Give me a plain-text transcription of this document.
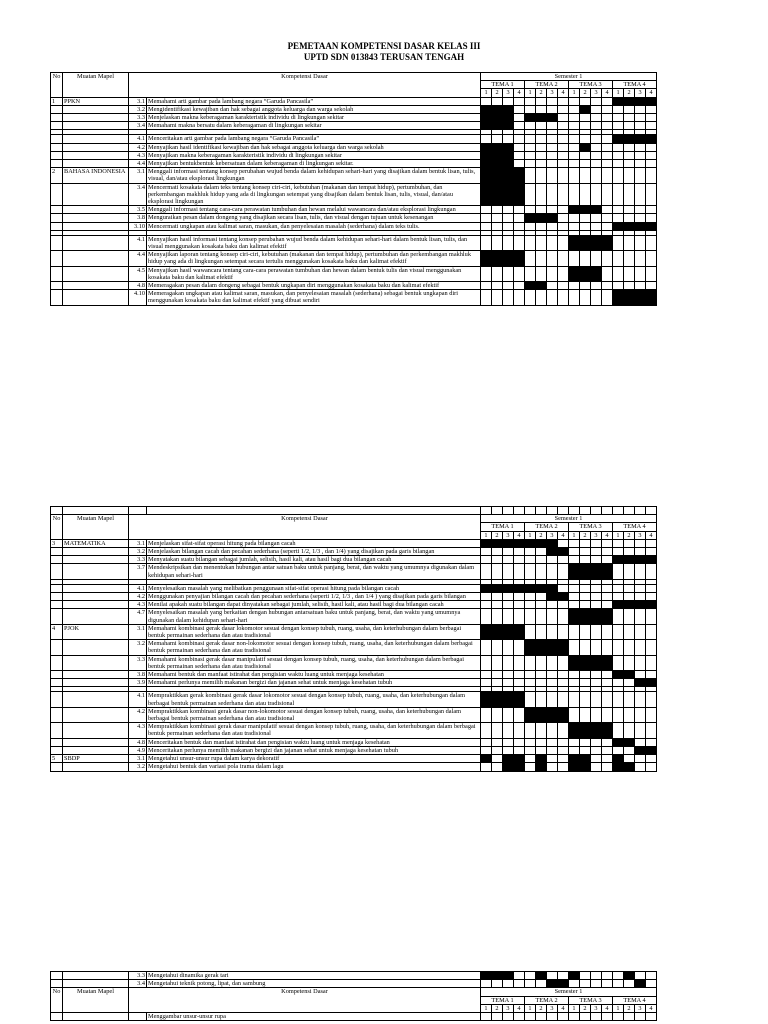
PEMETAAN KOMPETENSI DASAR KELAS III
UPTD SDN 013843 TERUSAN TENGAH
No	Muatan Mapel	Kompetensi Dasar		Semester 1															
				TEMA 1				TEMA 2				TEMA 3				TEMA 4			
				1	2	3	4	1	2	3	4	1	2	3	4	1	2	3	4
1	PPKN	3.1	Memahami arti gambar pada lambang negara “Garuda Pancasila”																
		3.2	Mengidentifikasi kewajiban dan hak sebagai anggota keluarga dan warga sekolah																
		3.3	Menjelaskan makna keberagaman karakteristik individu di lingkungan sekitar																
		3.4	Memahami makna bersatu dalam keberagaman di lingkungan sekitar																

		4.1	Menceritakan arti gambar pada lambang negara “Garuda Pancasila”																
		4.2	Menyajikan hasil identifikasi kewajiban dan hak sebagai anggota keluarga dan warga sekolah																
		4.3	Menyajikan makna keberagaman karakteristik individu di lingkungan sekitar																
		4.4	Menyajikan bentukbentuk kebersatuan dalam keberagaman di lingkungan sekitar.																
2	BAHASA INDONESIA	3.1	Menggali informasi tentang konsep perubahan wujud benda dalam kehidupan sehari-hari yang disajikan dalam bentuk lisan, tulis, visual, dan/atau eksplorasi lingkungan																
		3.4	Mencermati kosakata dalam teks tentang konsep ciri-ciri, kebutuhan (makanan dan tempat hidup), pertumbuhan, dan perkembangan makhluk hidup yang ada di lingkungan setempat yang disajikan dalam bentuk lisan, tulis, visual, dan/atau eksplorasi lingkungan																
		3.5	Menggali informasi tentang cara-cara perawatan tumbuhan dan hewan melalui wawancara dan/atau eksplorasi lingkungan																
		3.8	Menguraikan pesan dalam dongeng yang disajikan secara lisan, tulis, dan visual dengan tujuan untuk kesenangan																
		3.10	Mencermati ungkapan atau kalimat saran, masukan, dan penyelesaian masalah (sederhana) dalam teks tulis.																

		4.1	Menyajikan hasil informasi tentang konsep perubahan wujud benda dalam kehidupan sehari-hari dalam bentuk lisan, tulis, dan visual menggunakan kosakata baku dan kalimat efektif																
		4.4	Menyajikan laporan tentang konsep ciri-ciri, kebutuhan (makanan dan tempat hidup), pertumbuhan dan perkembangan makhluk hidup yang ada di lingkungan setempat secara tertulis menggunakan kosakata baku dan kalimat efektif																
		4.5	Menyajikan hasil wawancara tentang cara-cara perawatan tumbuhan dan hewan dalam bentuk tulis dan visual menggunakan kosakata baku dan kalimat efektif																
		4.8	Memeragakan pesan dalam dongeng sebagai bentuk ungkapan diri menggunakan kosakata baku dan kalimat efektif																
		4.10	Memeragakan ungkapan atau kalimat saran, masukan, dan penyelesaian masalah (sederhana) sebagai bentuk ungkapan diri menggunakan kosakata baku dan kalimat efektif yang dibuat sendiri																

No	Muatan Mapel	Kompetensi Dasar		Semester 1															
				TEMA 1				TEMA 2				TEMA 3				TEMA 4			
				1	2	3	4	1	2	3	4	1	2	3	4	1	2	3	4
3	MATEMATIKA	3.1	Menjelaskan sifat-sifat operasi hitung pada bilangan cacah																
		3.2	Menjelaskan bilangan cacah dan pecahan sederhana (seperti 1/2, 1/3 , dan 1/4) yang disajikan pada garis bilangan																
		3.3	Menyatakan suatu bilangan sebagai jumlah, selisih, hasil kali, atau hasil bagi dua bilangan cacah																
		3.7	Mendeskripsikan dan menentukan hubungan antar satuan baku untuk panjang, berat, dan waktu yang umumnya digunakan dalam kehidupan sehari-hari																

		4.1	Menyelesaikan masalah yang melibatkan penggunaan sifat-sifat operasi hitung pada bilangan cacah																
		4.2	Menggunakan penyajian bilangan cacah dan pecahan sederhana (seperti 1/2, 1/3 , dan 1/4 ) yang disajikan pada garis bilangan																
		4.3	Menilai apakah suatu bilangan dapat dinyatakan sebagai jumlah, selisih, hasil kali, atau hasil bagi dua bilangan cacah																
		4.7	Menyelesaikan masalah yang berkaitan dengan hubungan antarsatuan baku untuk panjang, berat, dan waktu yang umumnya digunakan dalam kehidupan sehari-hari																
4	PJOK	3.1	Memahami kombinasi gerak dasar lokomotor sesuai dengan konsep tubuh, ruang, usaha, dan keterhubungan dalam berbagai bentuk permainan sederhana dan atau tradisional																
		3.2	Memahami kombinasi gerak dasar non-lokomotor sesuai dengan konsep tubuh, ruang, usaha, dan keterhubungan dalam berbagai bentuk permainan sederhana dan atau tradisional																
		3.3	Memahami kombinasi gerak dasar manipulatif sesuai dengan konsep tubuh, ruang, usaha, dan keterhubungan dalam berbagai bentuk permainan sederhana dan atau tradisional																
		3.8	Memahami bentuk dan manfaat istirahat dan pengisian waktu luang untuk menjaga kesehatan																
		3.9	Memahami perlunya memilih makanan bergizi dan jajanan sehat untuk menjaga kesehatan tubuh																

		4.1	Mempraktikkan gerak kombinasi gerak dasar lokomotor sesuai dengan konsep tubuh, ruang, usaha, dan keterhubungan dalam berbagai bentuk permainan sederhana dan atau tradisional																
		4.2	Mempraktikkan kombinasi gerak dasar non-lokomotor sesuai dengan konsep tubuh, ruang, usaha, dan keterhubungan dalam berbagai bentuk permainan sederhana dan atau tradisional																
		4.3	Mempraktikkan kombinasi gerak dasar manipulatif sesuai dengan konsep tubuh, ruang, usaha, dan keterhubungan dalam berbagai bentuk permainan sederhana dan atau tradisional																
		4.8	Menceritakan bentuk dan manfaat istirahat dan pengisian waktu luang untuk menjaga kesehatan																
		4.9	Menceritakan perlunya memilih makanan bergizi dan jajanan sehat untuk menjaga kesehatan tubuh																
5	SBDP	3.1	Mengetahui unsur-unsur rupa dalam karya dekoratif																
		3.2	Mengetahui bentuk dan variasi pola irama dalam lagu																
		3.3	Mengetahui dinamika gerak tari																
		3.4	Mengetahui teknik potong, lipat, dan sambung																
No	Muatan Mapel	Kompetensi Dasar		Semester 1															
				TEMA 1				TEMA 2				TEMA 3				TEMA 4			
				1	2	3	4	1	2	3	4	1	2	3	4	1	2	3	4
			Menggambar unsur-unsur rupa																
